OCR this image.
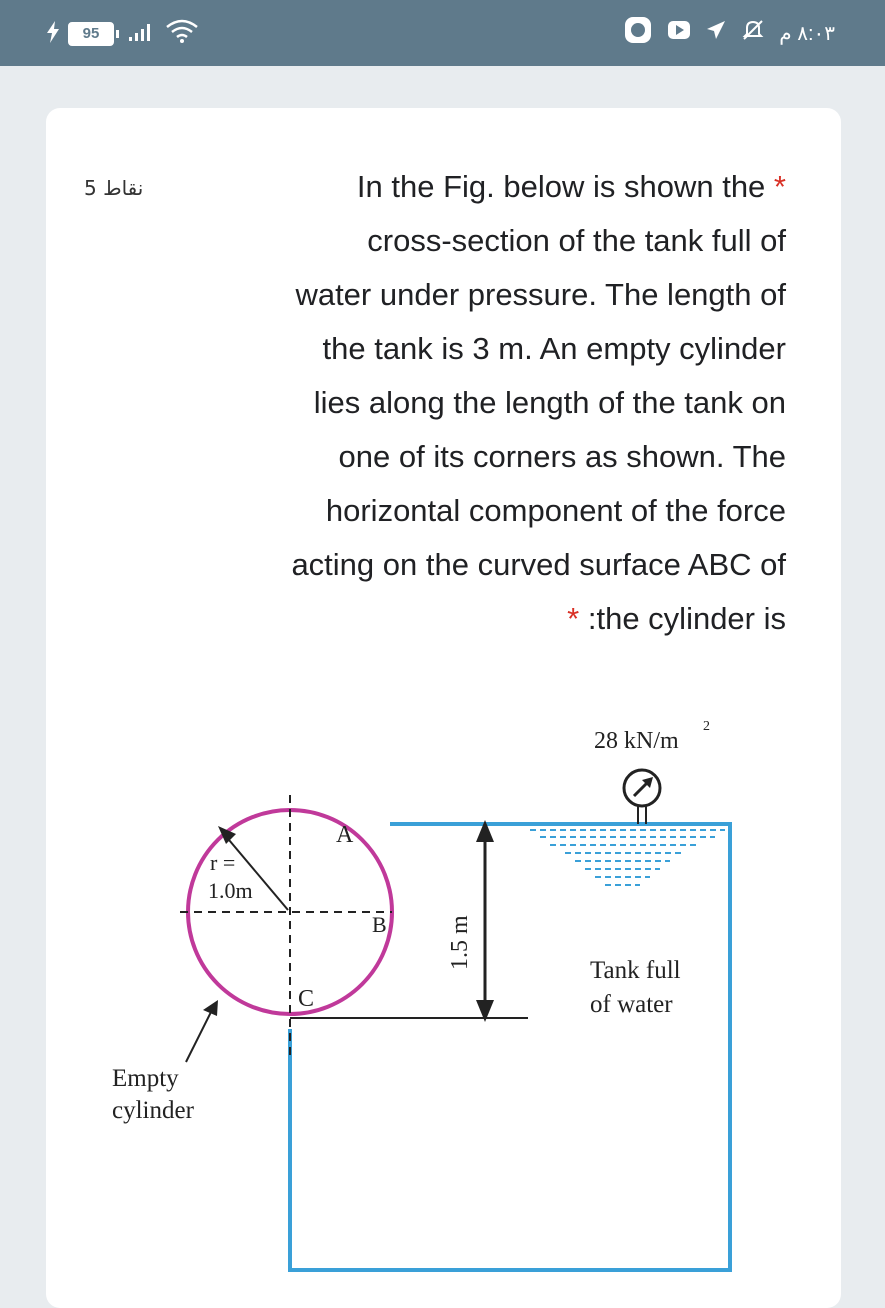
95	٨:٠٣ م
5 نقاط	In the Fig. below is shown the *
cross-section of the tank full of
water under pressure. The length of
the tank is 3 m. An empty cylinder
lies along the length of the tank on
one of its corners as shown. The
horizontal component of the force
acting on the curved surface ABC of
* :the cylinder is
28 kN/m
2
A
B
C
r =
1.0m
1.5 m
Tank full
of water
Empty
cylinder
